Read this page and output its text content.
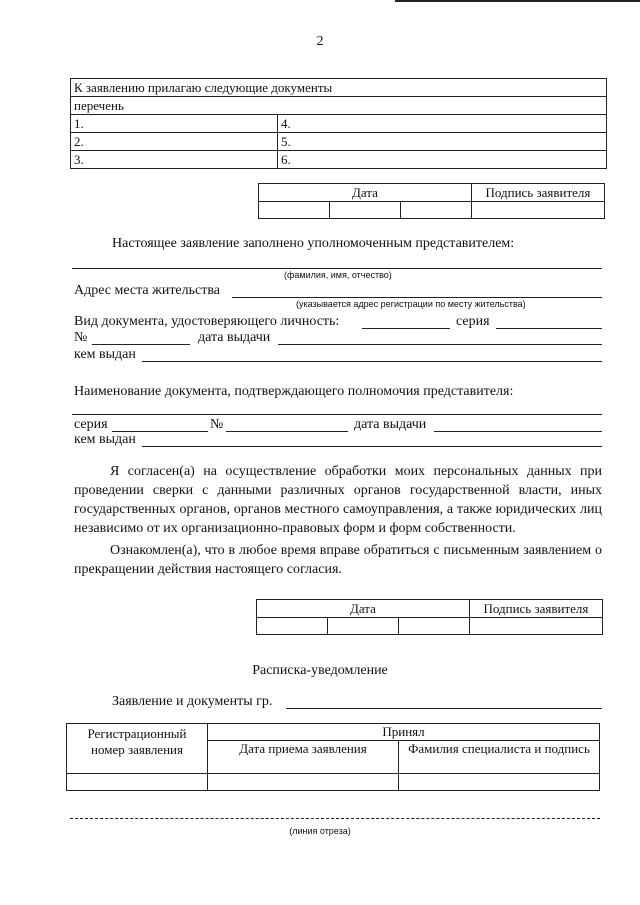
2
К заявлению прилагаю следующие документы	
перечень	
1.	4.
2.	5.
3.	6.
Дата			Подпись заявителя

Настоящее заявление заполнено уполномоченным представителем:
(фамилия, имя, отчество)
Адрес места жительства
(указывается адрес регистрации по месту жительства)
Вид документа, удостоверяющего личность:	серия
№	дата выдачи
кем выдан
Наименование документа, подтверждающего полномочия представителя:
серия	№	дата выдачи
кем выдан

Я согласен(а) на осуществление обработки моих персональных данных при проведении сверки с данными различных органов государственной власти, иных государственных органов, органов местного самоуправления, а также юридических лиц независимо от их организационно-правовых форм и форм собственности.

Ознакомлен(а), что в любое время вправе обратиться с письменным заявлением о прекращении действия настоящего согласия.

Дата			Подпись заявителя

Расписка-уведомление
Заявление и документы гр.
Регистрационный номер заявления	Принял	
	Дата приема заявления	Фамилия специалиста и подпись

(линия отреза)
